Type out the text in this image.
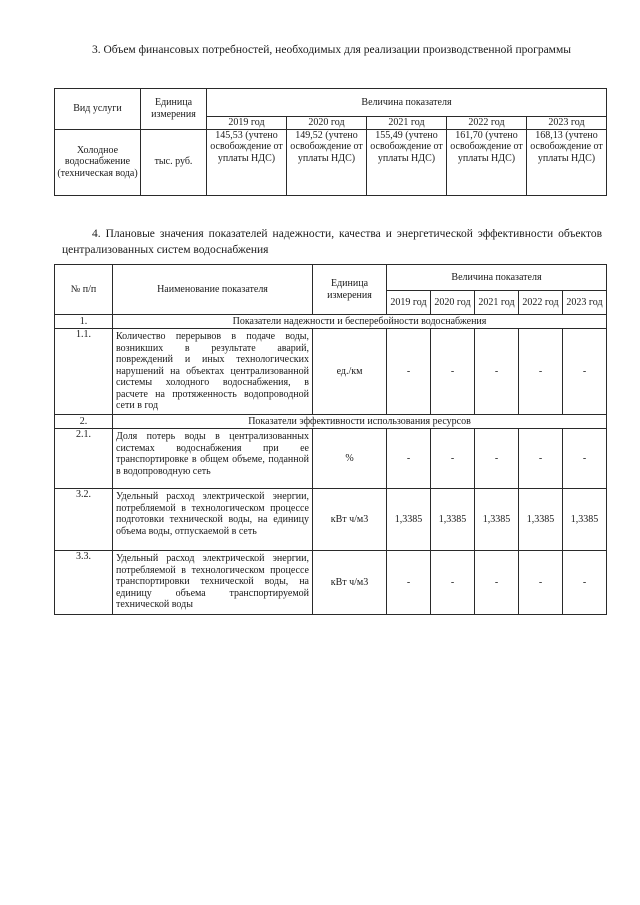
3. Объем финансовых потребностей, необходимых для реализации производственной программы
Вид услуги	Единица измерения	Величина показателя				
		2019 год	2020 год	2021 год	2022 год	2023 год
Холодное водоснабжение (техническая вода)	тыс. руб.	145,53 (учтено освобождение от уплаты НДС)	149,52 (учтено освобождение от уплаты НДС)	155,49 (учтено освобождение от уплаты НДС)	161,70 (учтено освобождение от уплаты НДС)	168,13 (учтено освобождение от уплаты НДС)
4. Плановые значения показателей надежности, качества и энергетической эффективности объектов централизованных систем водоснабжения
№ п/п	Наименование показателя	Единица измерения	Величина показателя				
			2019 год	2020 год	2021 год	2022 год	2023 год
1.	Показатели надежности и бесперебойности водоснабжения						
1.1.	Количество перерывов в подаче воды, возникших в результате аварий, повреждений и иных технологических нарушений на объектах централизованной системы холодного водоснабжения, в расчете на протяженность водопроводной сети в год	ед./км	-	-	-	-	-
2.	Показатели эффективности использования ресурсов						
2.1.	Доля потерь воды в централизованных системах водоснабжения при ее транспортировке в общем объеме, поданной в водопроводную сеть	%	-	-	-	-	-
3.2.	Удельный расход электрической энергии, потребляемой в технологическом процессе подготовки технической воды, на единицу объема воды, отпускаемой в сеть	кВт ч/м3	1,3385	1,3385	1,3385	1,3385	1,3385
3.3.	Удельный расход электрической энергии, потребляемой в технологическом процессе транспортировки технической воды, на единицу объема транспортируемой технической воды	кВт ч/м3	-	-	-	-	-
